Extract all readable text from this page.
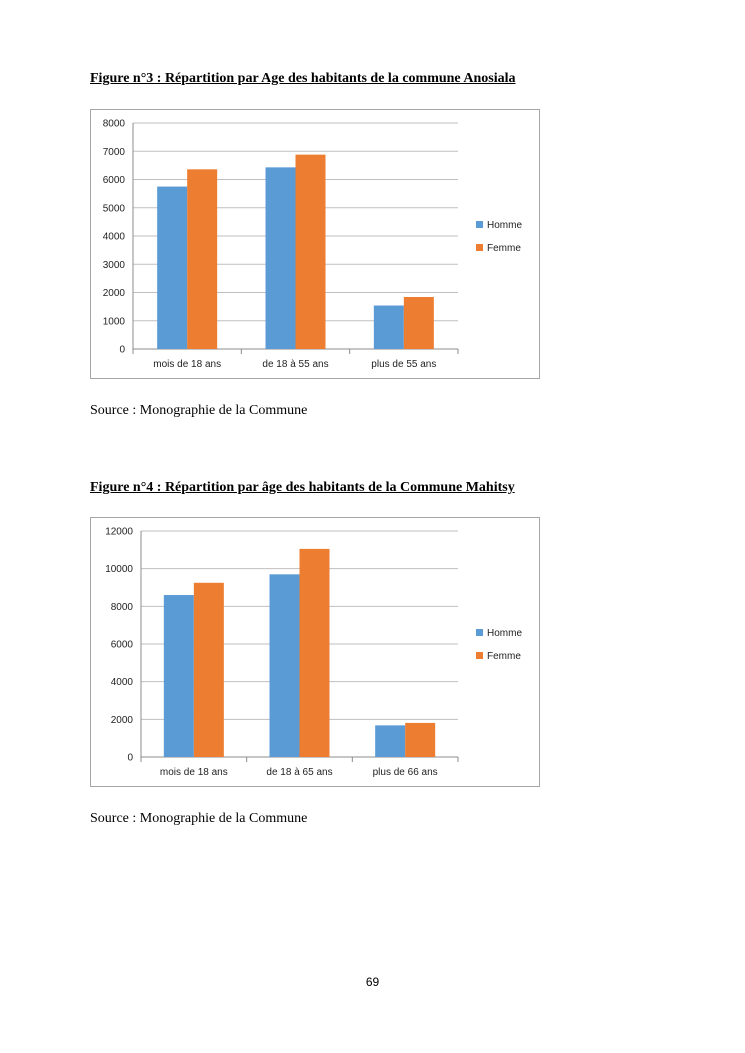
Figure n°3 : Répartition par Age des habitants de la commune Anosiala
0
1000
2000
3000
4000
5000
6000
7000
8000
mois de 18 ans	de 18 à 55 ans	plus de 55 ans
Homme
Femme
Source : Monographie de la Commune
Figure n°4 : Répartition par âge des habitants de la Commune Mahitsy
0
2000
4000
6000
8000
10000
12000
mois de 18 ans	de 18 à 65 ans	plus de 66 ans
Homme
Femme
Source : Monographie de la Commune
69
